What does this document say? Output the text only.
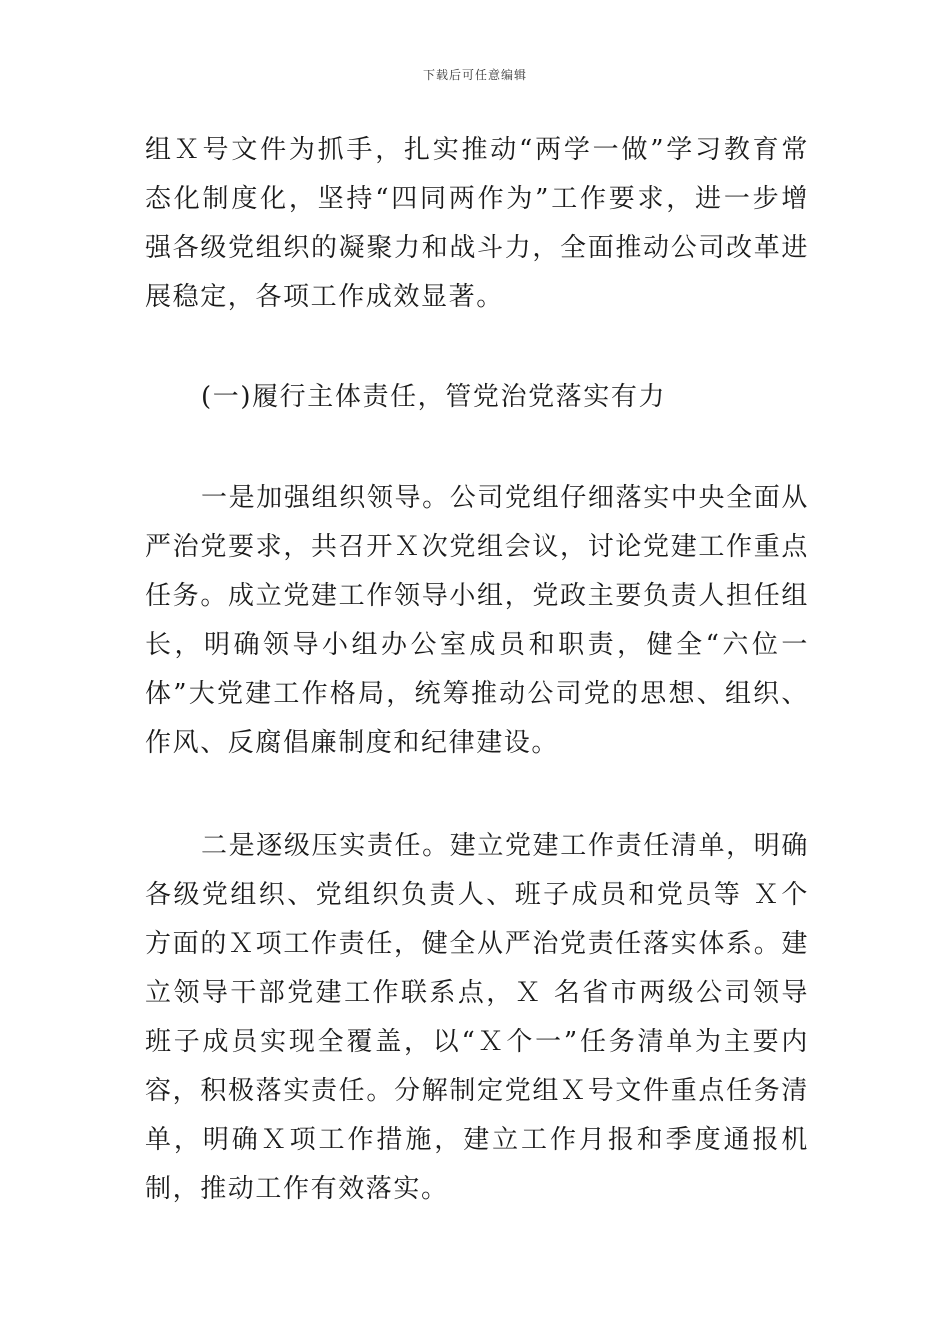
下载后可任意编辑

组Ｘ号文件为抓手，扎实推动“两学一做”学习教育常态化制度化，坚持“四同两作为”工作要求，进一步增强各级党组织的凝聚力和战斗力，全面推动公司改革进展稳定，各项工作成效显著。

(一)履行主体责任，管党治党落实有力

一是加强组织领导。公司党组仔细落实中央全面从严治党要求，共召开Ｘ次党组会议，讨论党建工作重点任务。成立党建工作领导小组，党政主要负责人担任组长，明确领导小组办公室成员和职责，健全“六位一体”大党建工作格局，统筹推动公司党的思想、组织、作风、反腐倡廉制度和纪律建设。

二是逐级压实责任。建立党建工作责任清单，明确各级党组织、党组织负责人、班子成员和党员等 Ｘ个方面的Ｘ项工作责任，健全从严治党责任落实体系。建立领导干部党建工作联系点，Ｘ 名省市两级公司领导班子成员实现全覆盖，以“Ｘ个一”任务清单为主要内容，积极落实责任。分解制定党组Ｘ号文件重点任务清单，明确Ｘ项工作措施，建立工作月报和季度通报机制，推动工作有效落实。
